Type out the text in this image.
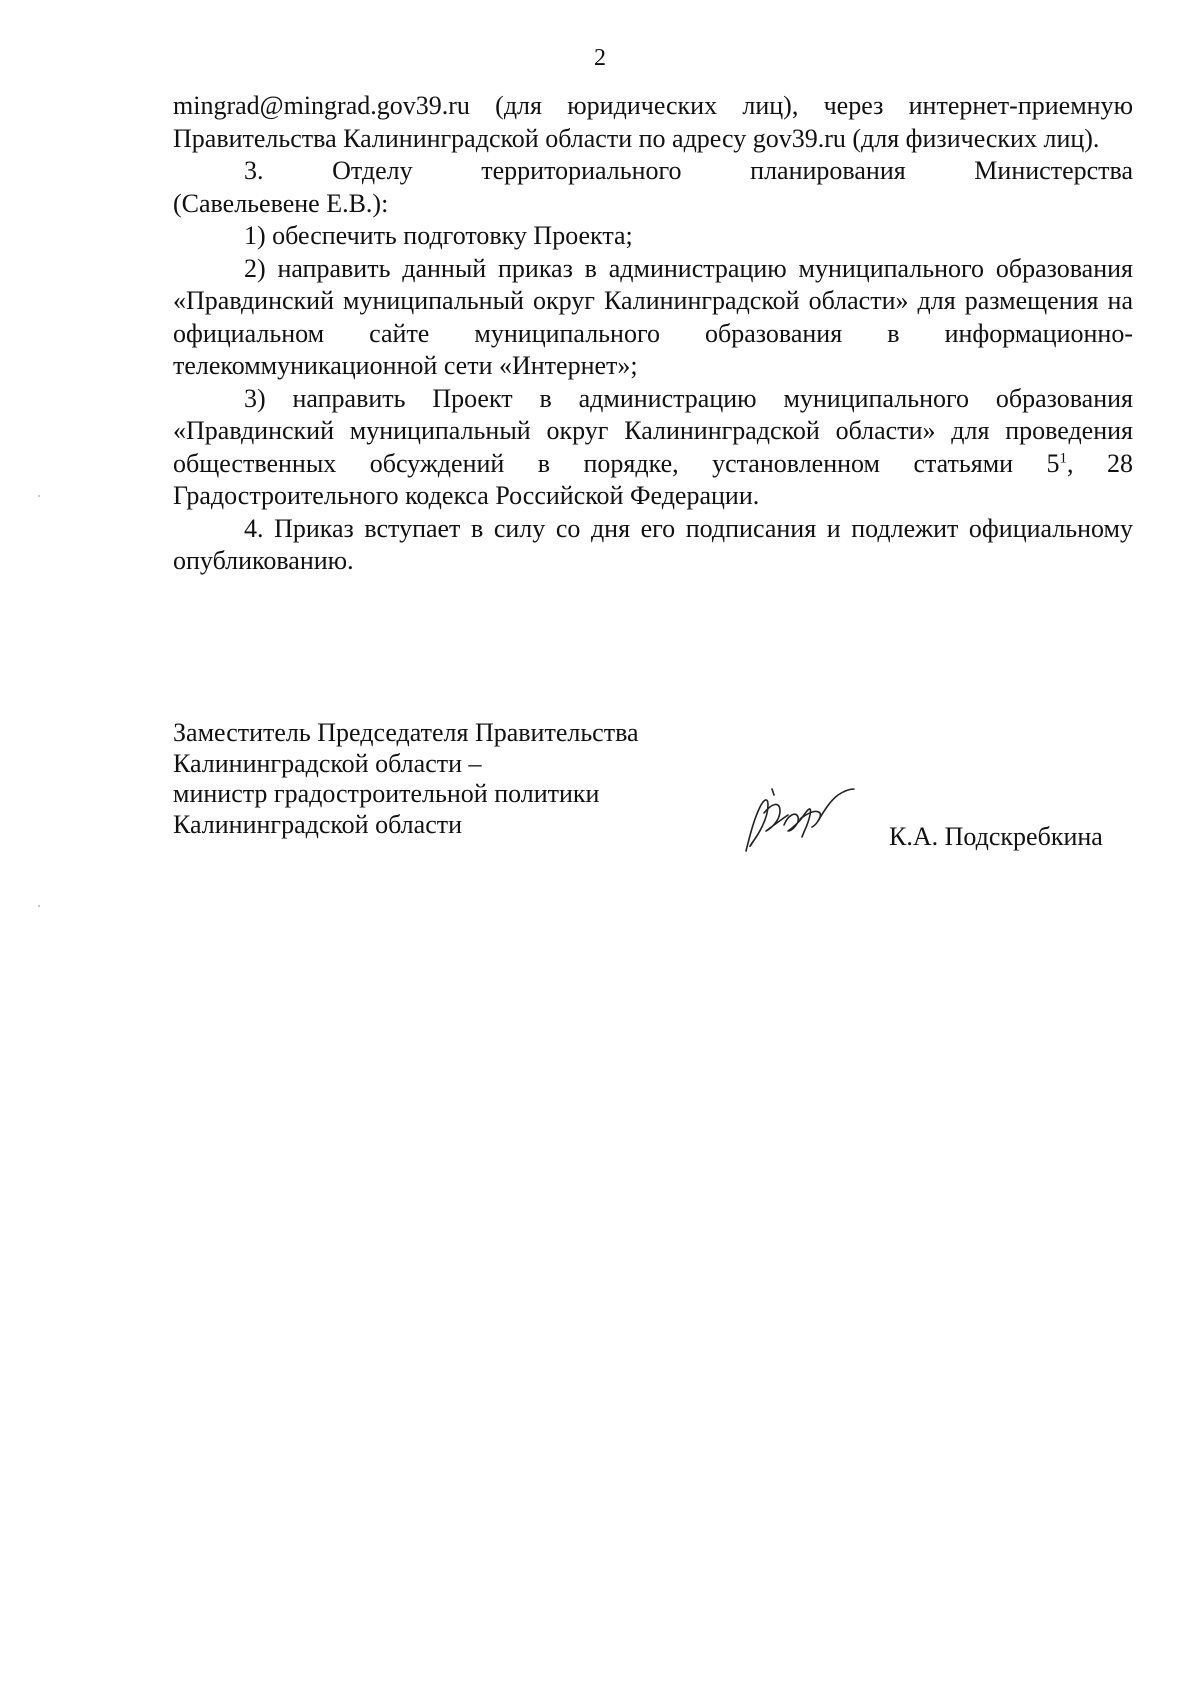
2

mingrad@mingrad.gov39.ru (для юридических лиц), через интернет-приемную Правительства Калининградской области по адресу gov39.ru (для физических лиц).

3. Отделу территориального планирования Министерства

(Савельевене Е.В.):

1) обеспечить подготовку Проекта;

2) направить данный приказ в администрацию муниципального образования «Правдинский муниципальный округ Калининградской области» для размещения на официальном сайте муниципального образования в информационно-телекоммуникационной сети «Интернет»;

3) направить Проект в администрацию муниципального образования «Правдинский муниципальный округ Калининградской области» для проведения общественных обсуждений в порядке, установленном статьями $5^1$, 28 Градостроительного кодекса Российской Федерации.

4. Приказ вступает в силу со дня его подписания и подлежит официальному опубликованию.

Заместитель Председателя Правительства
Калининградской области –
министр градостроительной политики
Калининградской области	К.А. Подскребкина
